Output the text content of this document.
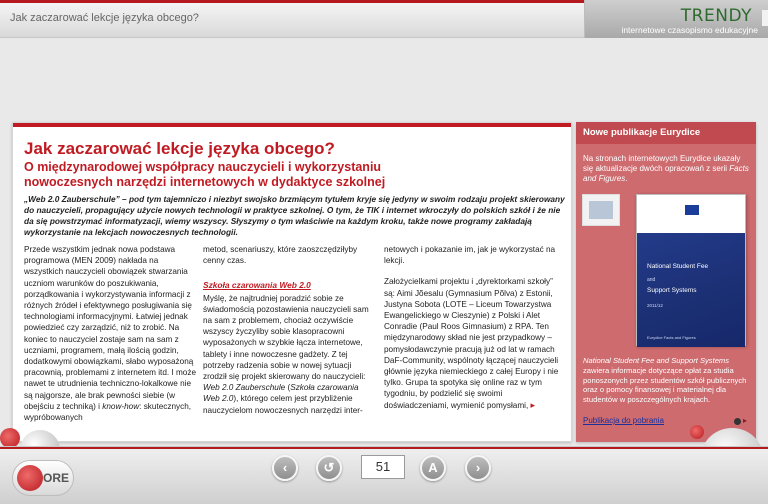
Jak zaczarować lekcje języka obcego?	TRENDY
internetowe czasopismo edukacyjne
Jak zaczarować lekcje języka obcego?
O międzynarodowej współpracy nauczycieli i wykorzystaniu nowoczesnych narzędzi internetowych w dydaktyce szkolnej
„Web 2.0 Zauberschule” – pod tym tajemniczo i niezbyt swojsko brzmiącym tytułem kryje się jedyny w swoim rodzaju projekt skierowany do nauczycieli, propagujący użycie nowych technologii w praktyce szkolnej. O tym, że TIK i internet wkroczyły do polskich szkół i że nie da się powstrzymać informatyzacji, wiemy wszyscy. Słyszymy o tym właściwie na każdym kroku, także nowe programy zakładają wykorzystanie na lekcjach nowoczesnych technologii.

Przede wszystkim jednak nowa podstawa programowa (MEN 2009) nakłada na wszystkich nauczycieli obowiązek stwarzania uczniom warunków do poszukiwania, porządkowania i wykorzystywania informacji z różnych źródeł i efektywnego posługiwania się technologiami informacyjnymi. Łatwiej jednak powiedzieć czy zarządzić, niż to zrobić. Na koniec to nauczyciel zostaje sam na sam z uczniami, programem, małą ilością godzin, dodatkowymi obowiązkami, słabo wyposażoną pracownią, problemami z internetem itd. I może nawet te utrudnienia techniczno-lokalkowe nie są najgorsze, ale brak pewności siebie (w obejściu z techniką) i know-how: skutecznych, wypróbowanych

metod, scenariuszy, które zaoszczędziłyby cenny czas.

Szkoła czarowania Web 2.0

Myślę, że najtrudniej poradzić sobie ze świadomością pozostawienia nauczycieli sam na sam z problemem, chociaż oczywiście wszyscy życzyliby sobie klasopracowni wyposażonych w szybkie łącza internetowe, tablety i inne nowoczesne gadżety. Z tej potrzeby radzenia sobie w nowej sytuacji zrodził się projekt skierowany do nauczycieli: Web 2.0 Zauberschule (Szkoła czarowania Web 2.0), którego celem jest przybliżenie nauczycielom nowoczesnych narzędzi inter-

netowych i pokazanie im, jak je wykorzystać na lekcji.

Założycielkami projektu i „dyrektorkami szkoły” są: Aimi Jõesalu (Gymnasium Põlva) z Estonii, Justyna Sobota (LOTE – Liceum Towarzystwa Ewangelickiego w Cieszynie) z Polski i Alet Conradie (Paul Roos Gimnasium) z RPA. Ten międzynarodowy skład nie jest przypadkowy – pomysłodawczynie pracują już od lat w ramach DaF-Community, wspólnoty łączącej nauczycieli głównie języka niemieckiego z całej Europy i nie tylko. Grupa ta spotyka się online raz w tym tygodniu, by podzielić się swoimi doświadczeniami, wymienić pomysłami, ▸

Nowe publikacje Eurydice
Na stronach internetowych Eurydice ukazały się aktualizacje dwóch opracowań z serii Facts and Figures.
National Student Fee
and
Support Systems
2011/12
Eurydice Facts and Figures
National Student Fee and Support Systems zawiera informacje dotyczące opłat za studia ponoszonych przez studentów szkół publicznych oraz o pomocy finansowej i materialnej dla studentów w poszczególnych krajach.
Publikacja do pobrania	▸
ORE
‹	↺	51	A	›
